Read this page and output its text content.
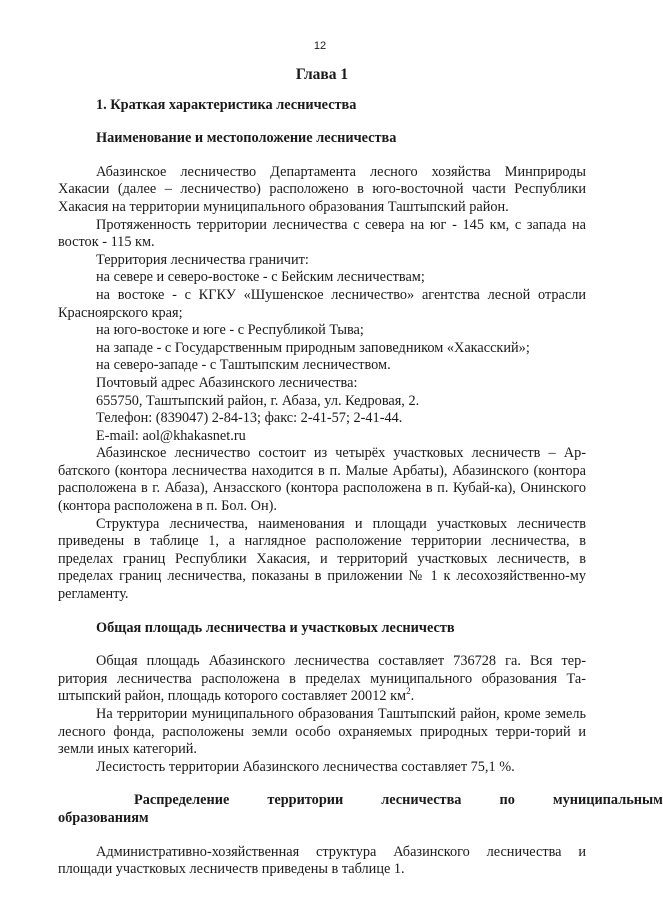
12
Глава 1
1. Краткая характеристика лесничества
Наименование и местоположение лесничества

Абазинское лесничество Департамента лесного хозяйства Минприроды Хакасии (далее – лесничество) расположено в юго-восточной части Республики Хакасия на территории муниципального образования Таштыпский район.

Протяженность территории лесничества с севера на юг - 145 км, с запада на восток - 115 км.

Территория лесничества граничит:

на севере и северо-востоке - с Бейским лесничествам;

на востоке - с КГКУ «Шушенское лесничество» агентства лесной отрасли Красноярского края;

на юго-востоке и юге - с Республикой Тыва;

на западе - с Государственным природным заповедником «Хакасский»;

на северо-западе - с Таштыпским лесничеством.

Почтовый адрес Абазинского лесничества:

655750, Таштыпский район, г. Абаза, ул. Кедровая, 2.

Телефон: (839047) 2-84-13; факс: 2-41-57; 2-41-44.

E-mail: aol@khakasnet.ru

Абазинское лесничество состоит из четырёх участковых лесничеств – Ар-батского (контора лесничества находится в п. Малые Арбаты), Абазинского (контора расположена в г. Абаза), Анзасского (контора расположена в п. Кубай-ка), Онинского (контора расположена в п. Бол. Он).

Структура лесничества, наименования и площади участковых лесничеств приведены в таблице 1, а наглядное расположение территории лесничества, в пределах границ Республики Хакасия, и территорий участковых лесничеств, в пределах границ лесничества, показаны в приложении № 1 к лесохозяйственно-му регламенту.

Общая площадь лесничества и участковых лесничеств

Общая площадь Абазинского лесничества составляет 736728 га. Вся тер-ритория лесничества расположена в пределах муниципального образования Та-штыпский район, площадь которого составляет 20012 $км^2$.

На территории муниципального образования Таштыпский район, кроме земель лесного фонда, расположены земли особо охраняемых природных терри-торий и земли иных категорий.

Лесистость территории Абазинского лесничества составляет 75,1 %.

Распределение	территории	лесничества	по	муниципальным
образованиям

Административно-хозяйственная структура Абазинского лесничества и площади участковых лесничеств приведены в таблице 1.
